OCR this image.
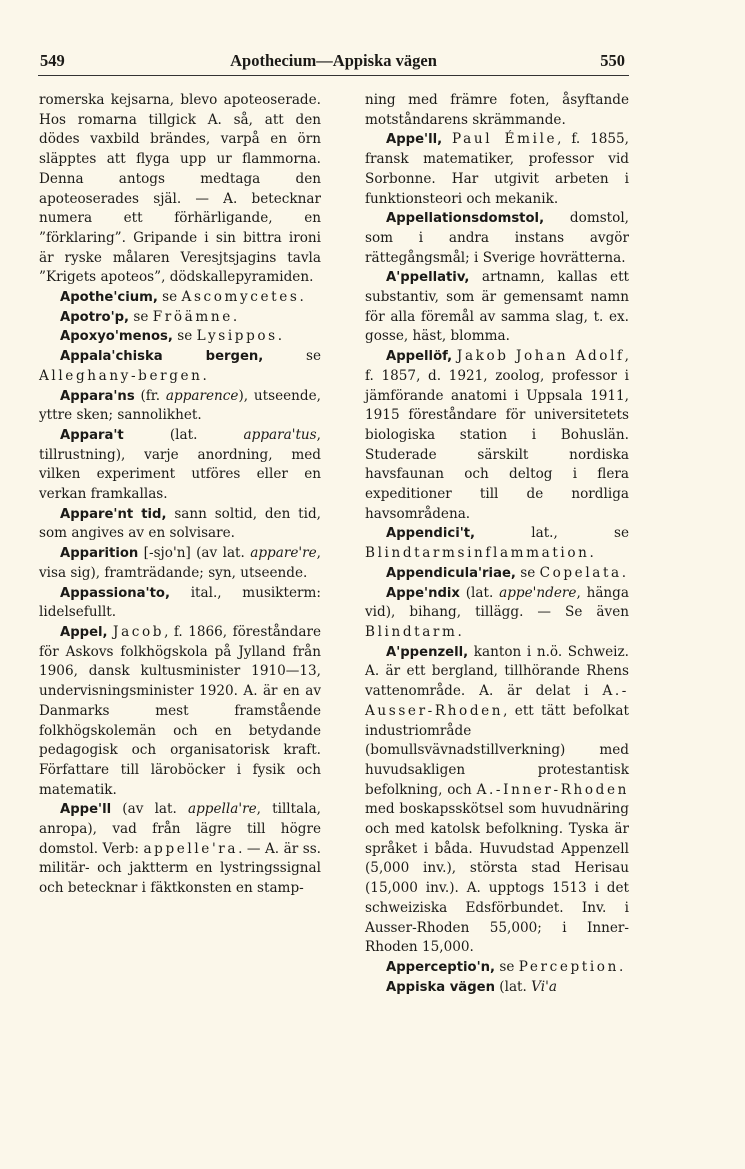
549	Apothecium—Appiska vägen	550

romerska kejsarna, blevo apoteoserade. Hos romarna tillgick A. så, att den dödes vaxbild brändes, varpå en örn släpptes att flyga upp ur flammorna. Denna antogs medtaga den apoteoserades själ. — A. betecknar numera ett förhärligande, en ”förklaring”. Gripande i sin bittra ironi är ryske målaren Veresjtsjagins tavla ”Krigets apoteos”, dödskallepyramiden.

Apothe'cium, se Ascomycetes.

Apotro'p, se Fröämne.

Apoxyo'menos, se Lysippos.

Appala'chiska bergen, se Alleghany-bergen.

Appara'ns (fr. apparence), utseende, yttre sken; sannolikhet.

Appara't (lat. appara'tus, tillrustning), varje anordning, med vilken experiment utföres eller en verkan framkallas.

Appare'nt tid, sann soltid, den tid, som angives av en solvisare.

Apparition [-sjo'n] (av lat. appare're, visa sig), framträdande; syn, utseende.

Appassiona'to, ital., musikterm: lidelsefullt.

Appel, Jacob, f. 1866, föreståndare för Askovs folkhögskola på Jylland från 1906, dansk kultusminister 1910—13, undervisningsminister 1920. A. är en av Danmarks mest framstående folkhögskolemän och en betydande pedagogisk och organisatorisk kraft. Författare till läroböcker i fysik och matematik.

Appe'll (av lat. appella're, tilltala, anropa), vad från lägre till högre domstol. Verb: appelle'ra. — A. är ss. militär- och jaktterm en lystringssignal och betecknar i fäktkonsten en stamp-

ning med främre foten, åsyftande motståndarens skrämmande.

Appe'll, Paul Émile, f. 1855, fransk matematiker, professor vid Sorbonne. Har utgivit arbeten i funktionsteori och mekanik.

Appellationsdomstol, domstol, som i andra instans avgör rättegångsmål; i Sverige hovrätterna.

A'ppellativ, artnamn, kallas ett substantiv, som är gemensamt namn för alla föremål av samma slag, t. ex. gosse, häst, blomma.

Appellöf, Jakob Johan Adolf, f. 1857, d. 1921, zoolog, professor i jämförande anatomi i Uppsala 1911, 1915 föreståndare för universitetets biologiska station i Bohuslän. Studerade särskilt nordiska havsfaunan och deltog i flera expeditioner till de nordliga havsområdena.

Appendici't, lat., se Blindtarmsinflammation.

Appendicula'riae, se Copelata.

Appe'ndix (lat. appe'ndere, hänga vid), bihang, tillägg. — Se även Blindtarm.

A'ppenzell, kanton i n.ö. Schweiz. A. är ett bergland, tillhörande Rhens vattenområde. A. är delat i A.-Ausser-Rhoden, ett tätt befolkat industriområde (bomullsvävnadstillverkning) med huvudsakligen protestantisk befolkning, och A.-Inner-Rhoden med boskapsskötsel som huvudnäring och med katolsk befolkning. Tyska är språket i båda. Huvudstad Appenzell (5,000 inv.), största stad Herisau (15,000 inv.). A. upptogs 1513 i det schweiziska Edsförbundet. Inv. i Ausser-Rhoden 55,000; i Inner-Rhoden 15,000.

Apperceptio'n, se Perception.

Appiska vägen (lat. Vi'a
